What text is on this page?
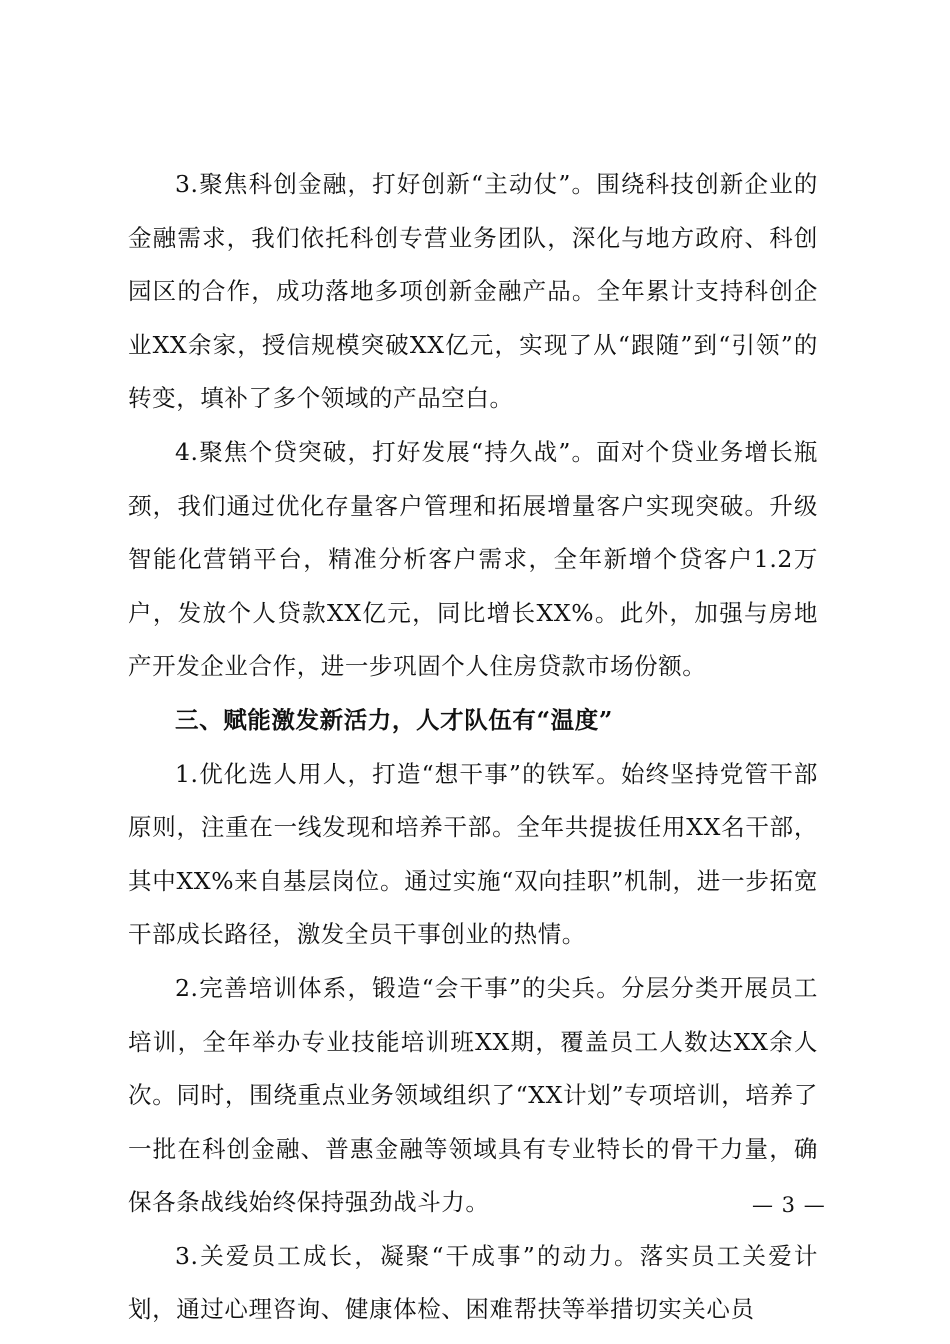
3.聚焦科创金融，打好创新“主动仗”。围绕科技创新企业的金融需求，我们依托科创专营业务团队，深化与地方政府、科创园区的合作，成功落地多项创新金融产品。全年累计支持科创企业XX余家，授信规模突破XX亿元，实现了从“跟随”到“引领”的转变，填补了多个领域的产品空白。

4.聚焦个贷突破，打好发展“持久战”。面对个贷业务增长瓶颈，我们通过优化存量客户管理和拓展增量客户实现突破。升级智能化营销平台，精准分析客户需求，全年新增个贷客户1.2万户，发放个人贷款XX亿元，同比增长XX%。此外，加强与房地产开发企业合作，进一步巩固个人住房贷款市场份额。

三、赋能激发新活力，人才队伍有“温度”

1.优化选人用人，打造“想干事”的铁军。始终坚持党管干部原则，注重在一线发现和培养干部。全年共提拔任用XX名干部，其中XX%来自基层岗位。通过实施“双向挂职”机制，进一步拓宽干部成长路径，激发全员干事创业的热情。

2.完善培训体系，锻造“会干事”的尖兵。分层分类开展员工培训，全年举办专业技能培训班XX期，覆盖员工人数达XX余人次。同时，围绕重点业务领域组织了“XX计划”专项培训，培养了一批在科创金融、普惠金融等领域具有专业特长的骨干力量，确保各条战线始终保持强劲战斗力。

3.关爱员工成长，凝聚“干成事”的动力。落实员工关爱计划，通过心理咨询、健康体检、困难帮扶等举措切实关心员

— 3 —
